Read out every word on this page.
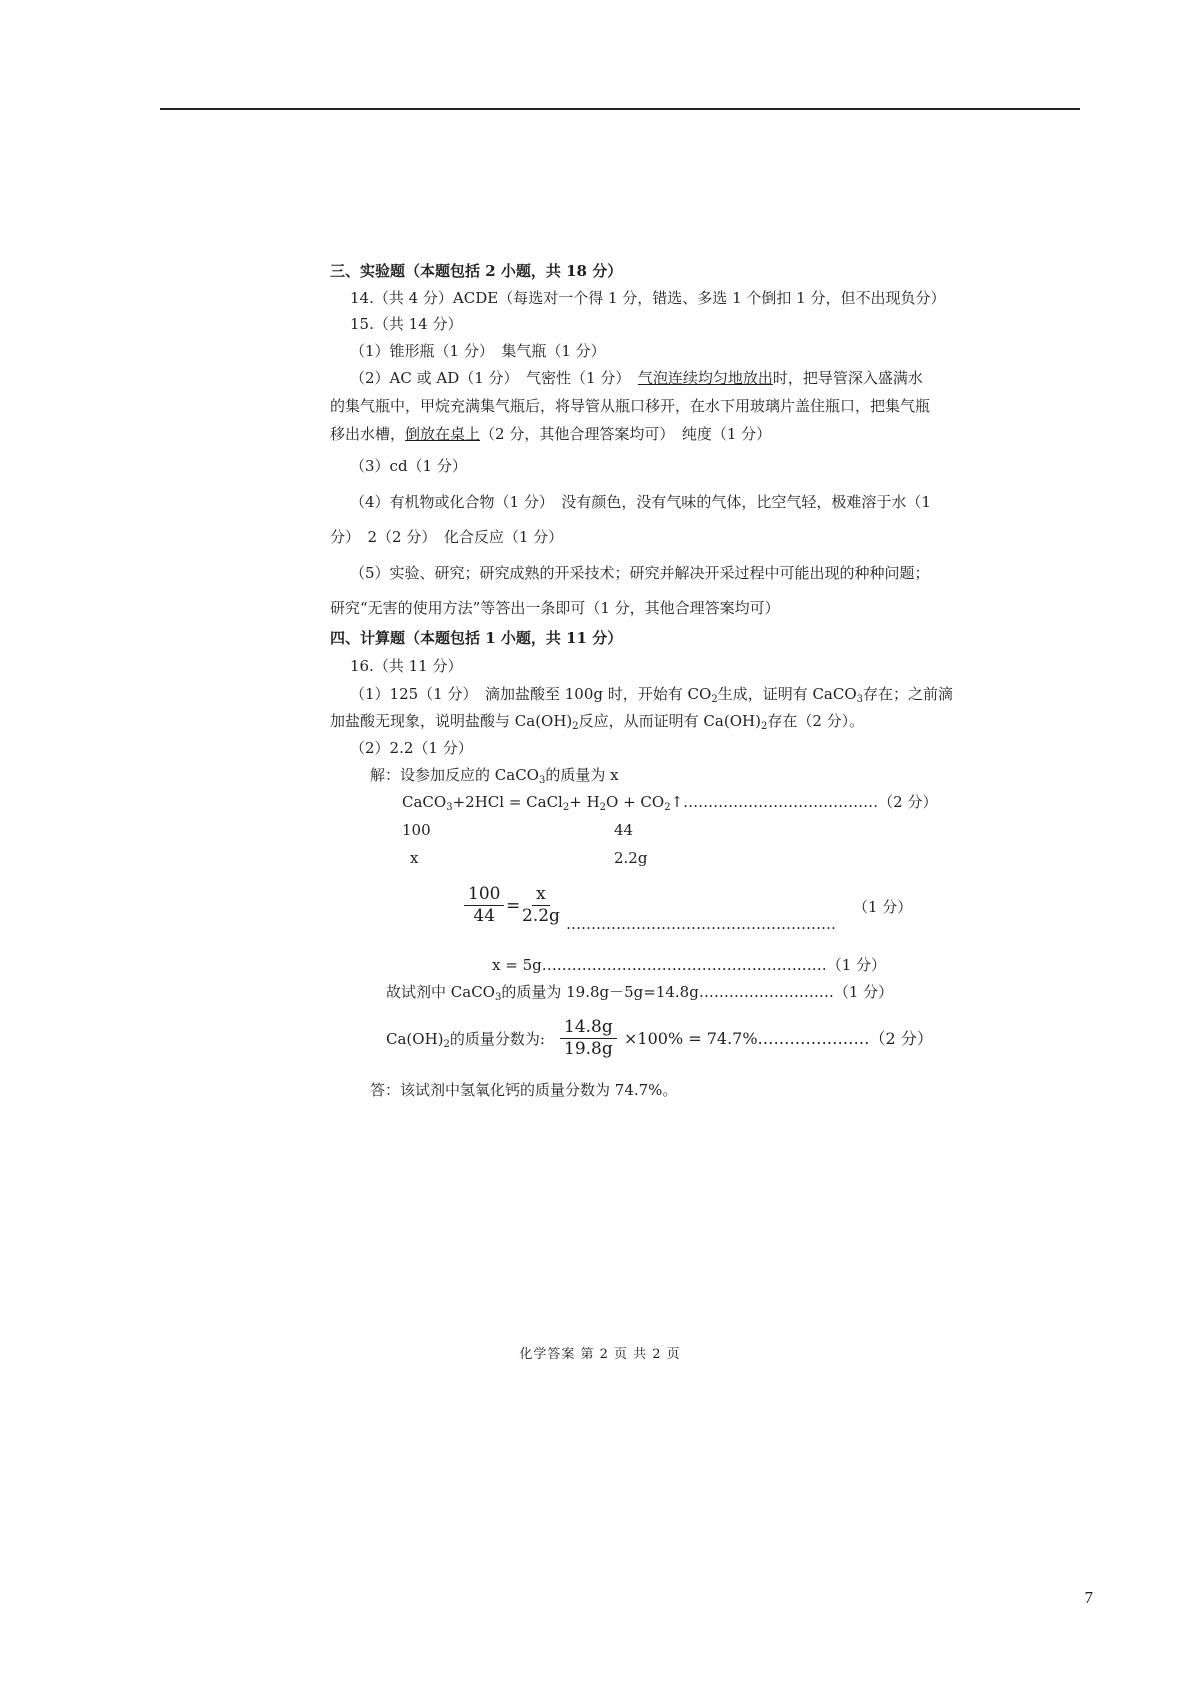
三、实验题（本题包括 2 小题，共 18 分）
14.（共 4 分）ACDE（每选对一个得 1 分，错选、多选 1 个倒扣 1 分，但不出现负分）
15.（共 14 分）
（1）锥形瓶（1 分）　集气瓶（1 分）
（2）AC 或 AD（1 分）　气密性（1 分）　气泡连续均匀地放出时，把导管深入盛满水
的集气瓶中，甲烷充满集气瓶后，将导管从瓶口移开，在水下用玻璃片盖住瓶口，把集气瓶
移出水槽，倒放在桌上（2 分，其他合理答案均可）　纯度（1 分）
（3）cd（1 分）
（4）有机物或化合物（1 分）　没有颜色，没有气味的气体，比空气轻，极难溶于水（1
分）　2（2 分）　化合反应（1 分）
（5）实验、研究；研究成熟的开采技术；研究并解决开采过程中可能出现的种种问题；
研究“无害的使用方法”等答出一条即可（1 分，其他合理答案均可）
四、计算题（本题包括 1 小题，共 11 分）
16.（共 11 分）
（1）125（1 分）　滴加盐酸至 100g 时，开始有 $CO_2$生成，证明有 CaCO$_3$存在；之前滴
加盐酸无现象，说明盐酸与 $Ca(OH)_2$反应，从而证明有 $Ca(OH)_2$存在（2 分）。
（2）2.2（1 分）
解：设参加反应的 CaCO$_3$的质量为 x
CaCO$_3$+2HCl = CaCl$_2$+ $H_2O$ + $CO_2↑\dots\dots\dots\dots\dots\dots\dots\dots\dots\dots\dots\dots\dots(2$ 分）
100	44
x	2.2g
$\frac{100}{44}$ =
$\frac{x}{2.2g}$ ………………………………………………
（1 分）
x = 5g…………………………………………………（1 分）
故试剂中 CaCO$_3$的质量为 19.8g－5g=14.8g………………………（1 分）
$Ca(OH)_2$的质量分数为: $\frac{14.8g}{19.8g} \times 100\%$ = 74.7%…………………（2 分）
答：该试剂中氢氧化钙的质量分数为 74.7%。
化学答案 第 2 页 共 2 页
7
